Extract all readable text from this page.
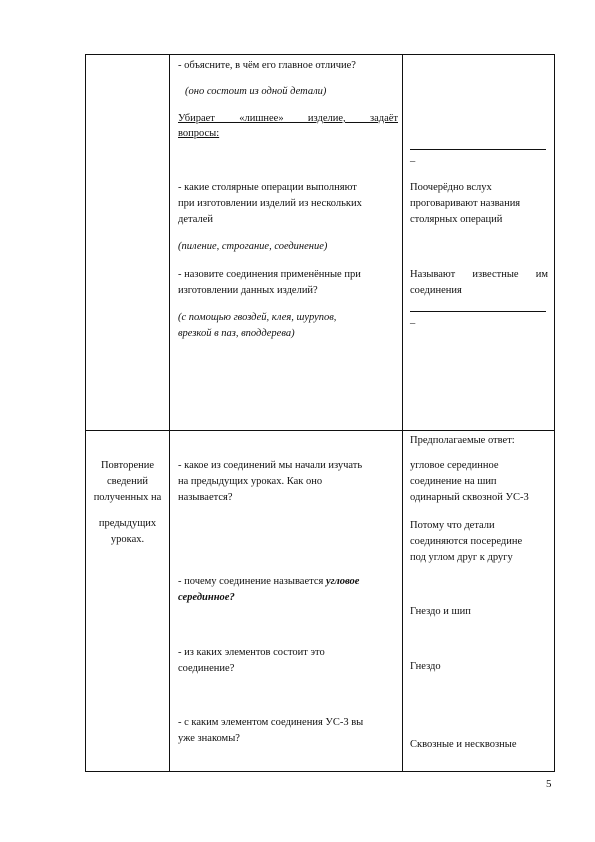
- объясните, в чём его главное отличие?
(оно состоит из одной детали)
Убирает «лишнее» изделие, задаёт
вопросы:
- какие столярные операции выполняют
при изготовлении изделий из нескольких
деталей
(пиление, строгание, соединение)
- назовите соединения применённые при
изготовлении данных изделий?
(с помощью гвоздей, клея, шурупов,
врезкой в паз, вподдерева)
–
Поочерёдно вслух
проговаривают названия
столярных операций
Называют известные им
соединения
–
Повторение
сведений
полученных на
предыдущих
уроках.
- какое из соединений мы начали изучать
на предыдущих уроках. Как оно
называется?
- почему соединение называется угловое
серединное?
- из каких элементов состоит это
соединение?
- с каким элементом соединения УС-3 вы
уже знакомы?
Предполагаемые ответ:
угловое серединное
соединение на шип
одинарный сквозной УС-3
Потому что детали
соединяются посередине
под углом друг к другу
Гнездо и шип
Гнездо
Сквозные и несквозные
5
